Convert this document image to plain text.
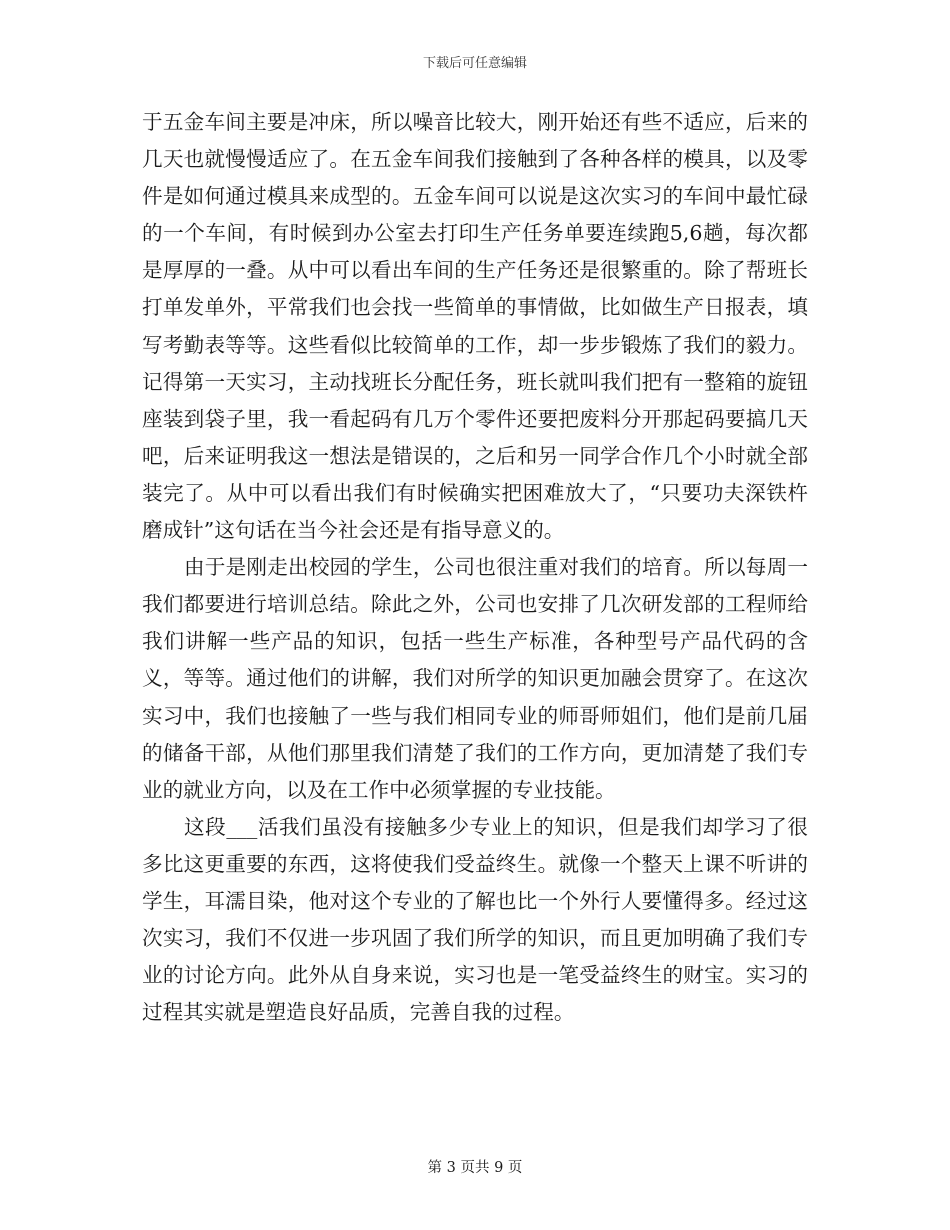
下载后可任意编辑

于五金车间主要是冲床，所以噪音比较大，刚开始还有些不适应，后来的几天也就慢慢适应了。在五金车间我们接触到了各种各样的模具，以及零件是如何通过模具来成型的。五金车间可以说是这次实习的车间中最忙碌的一个车间，有时候到办公室去打印生产任务单要连续跑5,6趟，每次都是厚厚的一叠。从中可以看出车间的生产任务还是很繁重的。除了帮班长打单发单外，平常我们也会找一些简单的事情做，比如做生产日报表，填写考勤表等等。这些看似比较简单的工作，却一步步锻炼了我们的毅力。记得第一天实习，主动找班长分配任务，班长就叫我们把有一整箱的旋钮座装到袋子里，我一看起码有几万个零件还要把废料分开那起码要搞几天吧，后来证明我这一想法是错误的，之后和另一同学合作几个小时就全部装完了。从中可以看出我们有时候确实把困难放大了，“只要功夫深铁杵磨成针”这句话在当今社会还是有指导意义的。

由于是刚走出校园的学生，公司也很注重对我们的培育。所以每周一我们都要进行培训总结。除此之外，公司也安排了几次研发部的工程师给我们讲解一些产品的知识，包括一些生产标准，各种型号产品代码的含义，等等。通过他们的讲解，我们对所学的知识更加融会贯穿了。在这次实习中，我们也接触了一些与我们相同专业的师哥师姐们，他们是前几届的储备干部，从他们那里我们清楚了我们的工作方向，更加清楚了我们专业的就业方向，以及在工作中必须掌握的专业技能。

这段___活我们虽没有接触多少专业上的知识，但是我们却学习了很多比这更重要的东西，这将使我们受益终生。就像一个整天上课不听讲的学生，耳濡目染，他对这个专业的了解也比一个外行人要懂得多。经过这次实习，我们不仅进一步巩固了我们所学的知识，而且更加明确了我们专业的讨论方向。此外从自身来说，实习也是一笔受益终生的财宝。实习的过程其实就是塑造良好品质，完善自我的过程。

第 3 页共 9 页
